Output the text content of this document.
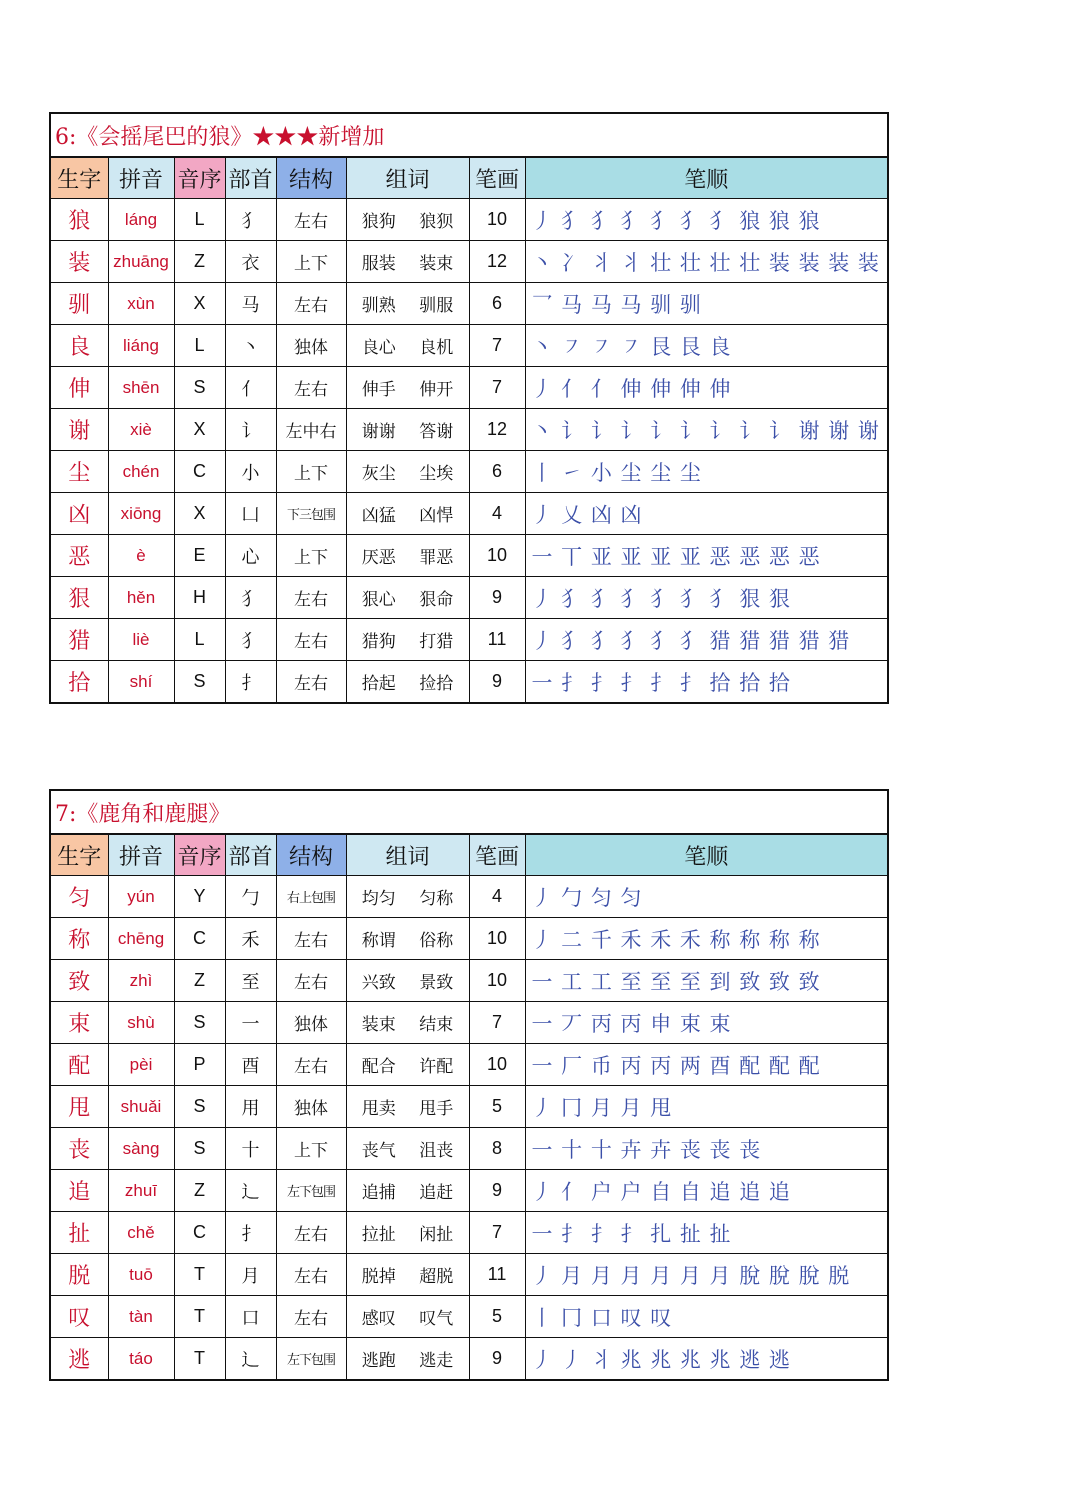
6:《会摇尾巴的狼》★★★新增加
生字	拼音	音序	部首	结构	组词	笔画	笔顺
狼	láng	L	犭	左右	狼狗 狼狈	10	丿 犭 犭 犭 犭 犭 犭 狼 狼 狼
装	zhuāng	Z	衣	上下	服装 装束	12	丶 冫 丬 丬 壮 壮 壮 壮 装 装 装 装
驯	xùn	X	马	左右	驯熟 驯服	6	乛 马 马 马 驯 驯
良	liáng	L	丶	独体	良心 良机	7	丶 ㇇ ㇇ ㇇ 艮 艮 良
伸	shēn	S	亻	左右	伸手 伸开	7	丿 亻 亻 伸 伸 伸 伸
谢	xiè	X	讠	左中右	谢谢 答谢	12	丶 讠 讠 讠 讠 讠 讠 讠 讠 谢 谢 谢
尘	chén	C	小	上下	灰尘 尘埃	6	丨 ㇀ 小 尘 尘 尘
凶	xiōng	X	凵	下三包围	凶猛 凶悍	4	丿 乂 凶 凶
恶	è	E	心	上下	厌恶 罪恶	10	一 丅 亚 亚 亚 亚 恶 恶 恶 恶
狠	hěn	H	犭	左右	狠心 狠命	9	丿 犭 犭 犭 犭 犭 犭 狠 狠
猎	liè	L	犭	左右	猎狗 打猎	11	丿 犭 犭 犭 犭 犭 猎 猎 猎 猎 猎
拾	shí	S	扌	左右	拾起 捡拾	9	一 扌 扌 扌 扌 扌 拾 拾 拾
7:《鹿角和鹿腿》
生字	拼音	音序	部首	结构	组词	笔画	笔顺
匀	yún	Y	勹	右上包围	均匀 匀称	4	丿 勹 匀 匀
称	chēng	C	禾	左右	称谓 俗称	10	丿 二 千 禾 禾 禾 称 称 称 称
致	zhì	Z	至	左右	兴致 景致	10	一 工 工 至 至 至 到 致 致 致
束	shù	S	一	独体	装束 结束	7	一 丆 丙 丙 申 束 束
配	pèi	P	酉	左右	配合 许配	10	一 厂 币 丙 丙 两 酉 配 配 配
甩	shuǎi	S	用	独体	甩卖 甩手	5	丿 冂 月 月 甩
丧	sàng	S	十	上下	丧气 沮丧	8	一 十 十 卉 卉 丧 丧 丧
追	zhuī	Z	辶	左下包围	追捕 追赶	9	丿 亻 户 户 自 自 追 追 追
扯	chě	C	扌	左右	拉扯 闲扯	7	一 扌 扌 扌 扎 扯 扯
脱	tuō	T	月	左右	脱掉 超脱	11	丿 月 月 月 月 月 月 脫 脫 脫 脱
叹	tàn	T	口	左右	感叹 叹气	5	丨 冂 口 叹 叹
逃	táo	T	辶	左下包围	逃跑 逃走	9	丿 丿 丬 兆 兆 兆 兆 逃 逃
